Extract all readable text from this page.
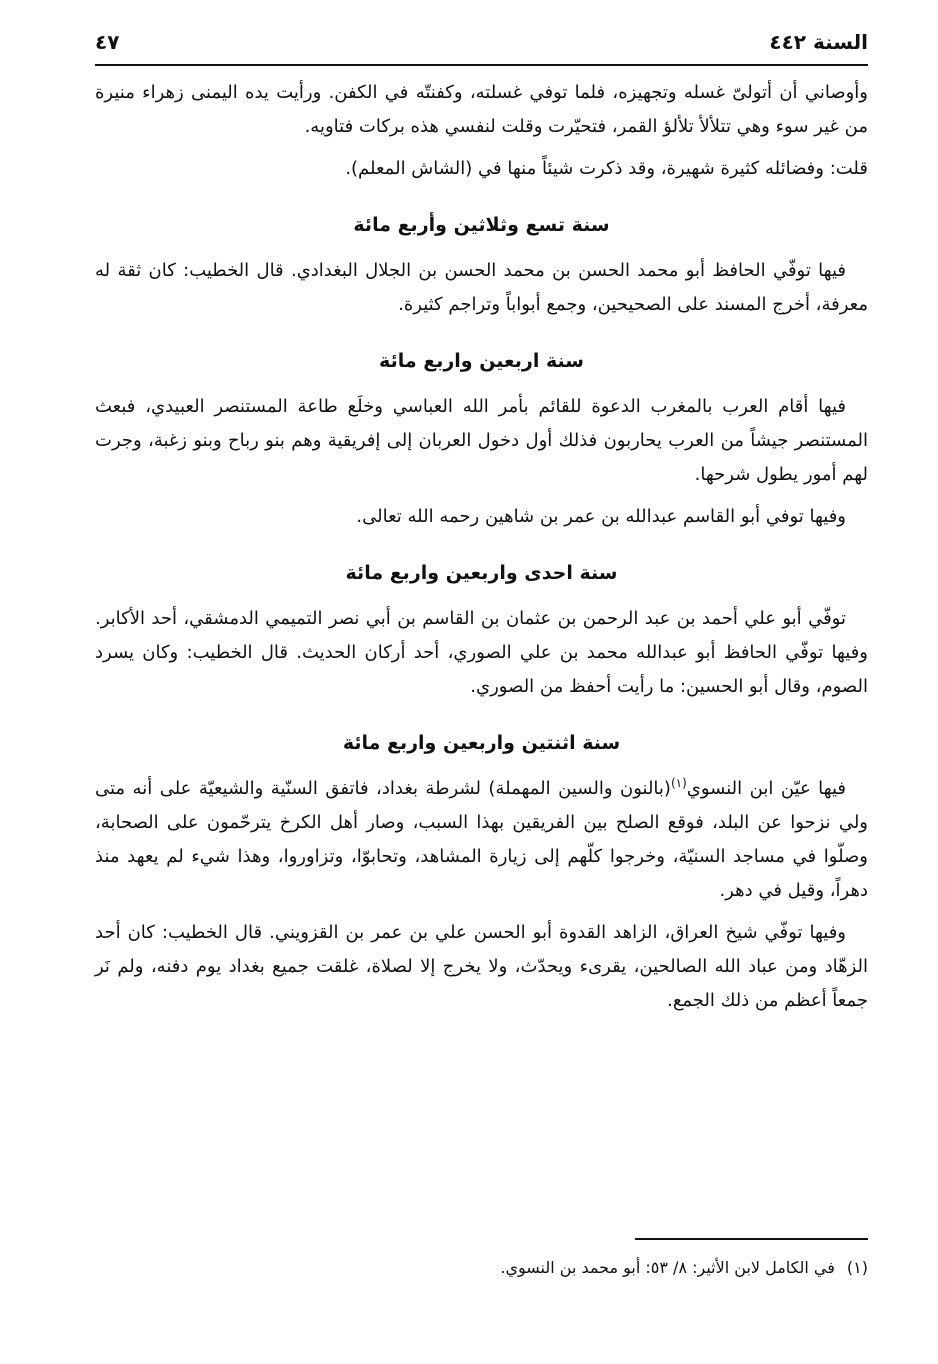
السنة ٤٤٢
٤٧

وأوصاني أن أتولىّ غسله وتجهيزه، فلما توفي غسلته، وكفنتّه في الكفن. ورأيت يده اليمنى زهراء منيرة من غير سوء وهي تتلألأ تلألؤ القمر، فتحيّرت وقلت لنفسي هذه بركات فتاويه.

قلت: وفضائله كثيرة شهيرة، وقد ذكرت شيئاً منها في (الشاش المعلم).

سنة تسع وثلاثين وأربع مائة

فيها توفّي الحافظ أبو محمد الحسن بن محمد الحسن بن الجلال البغدادي. قال الخطيب: كان ثقة له معرفة، أخرج المسند على الصحيحين، وجمع أبواباً وتراجم كثيرة.

سنة اربعين واربع مائة

فيها أقام العرب بالمغرب الدعوة للقائم بأمر الله العباسي وخلَع طاعة المستنصر العبيدي، فبعث المستنصر جيشاً من العرب يحاربون فذلك أول دخول العربان إلى إفريقية وهم بنو رباح وبنو زغبة، وجرت لهم أمور يطول شرحها.

وفيها توفي أبو القاسم عبدالله بن عمر بن شاهين رحمه الله تعالى.

سنة احدى واربعين واربع مائة

توفّي أبو علي أحمد بن عبد الرحمن بن عثمان بن القاسم بن أبي نصر التميمي الدمشقي، أحد الأكابر. وفيها توفّي الحافظ أبو عبدالله محمد بن علي الصوري، أحد أركان الحديث. قال الخطيب: وكان يسرد الصوم، وقال أبو الحسين: ما رأيت أحفظ من الصوري.

سنة اثنتين واربعين واربع مائة

فيها عيّن ابن النسوي$^{(١)}$(بالنون والسين المهملة) لشرطة بغداد، فاتفق السنّية والشيعيّة على أنه متى ولي نزحوا عن البلد، فوقع الصلح بين الفريقين بهذا السبب، وصار أهل الكرخ يترحّمون على الصحابة، وصلّوا في مساجد السنيّة، وخرجوا كلّهم إلى زيارة المشاهد، وتحابوّا، وتزاوروا، وهذا شيء لم يعهد منذ دهراً، وقيل في دهر.

وفيها توفّي شيخ العراق، الزاهد القدوة أبو الحسن علي بن عمر بن القزويني. قال الخطيب: كان أحد الزهّاد ومن عباد الله الصالحين، يقرىء ويحدّث، ولا يخرج إلا لصلاة، غلقت جميع بغداد يوم دفنه، ولم نَر جمعاً أعظم من ذلك الجمع.

(١)في الكامل لابن الأثير: ٨/ ٥٣: أبو محمد بن النسوي.
